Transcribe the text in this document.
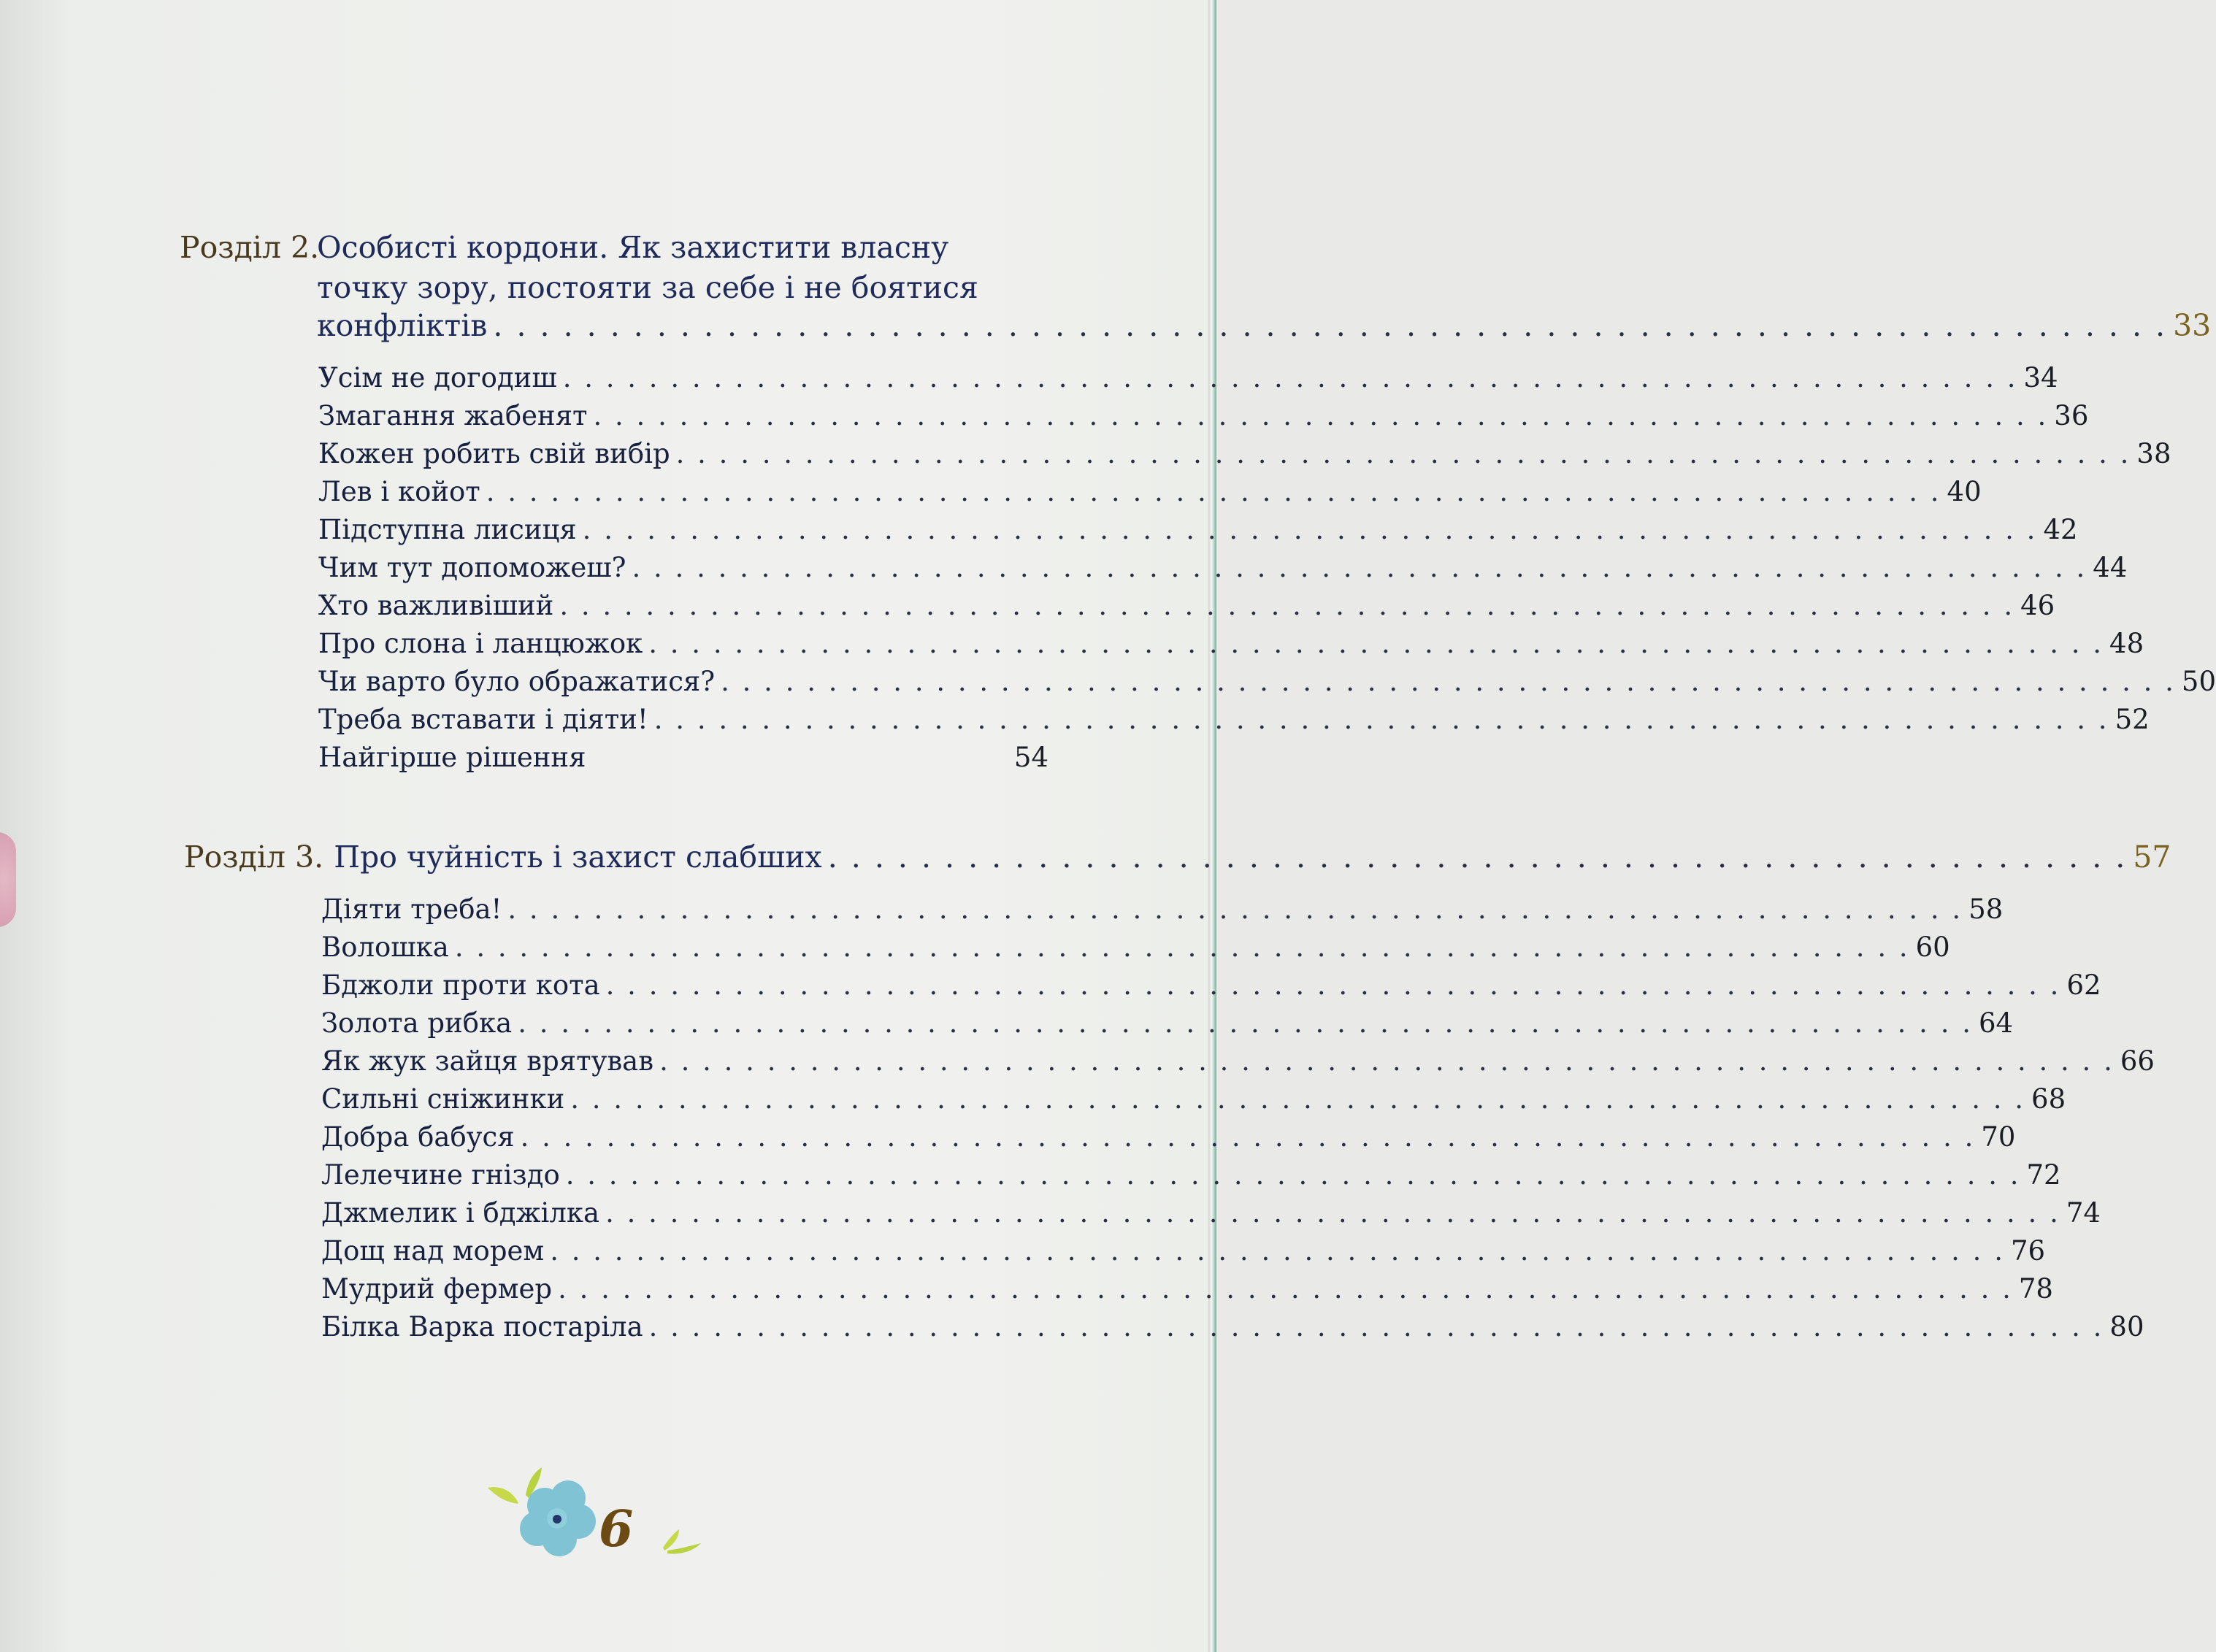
Розділ 2.
Особисті кордони. Як захистити власну
точку зору, постояти за себе і не боятися
конфліктів . . . . . . . . . . . . . . . . . . . . . . . . . . . . . . . . . . . . . . . . . . . . . . . . . . . . . . . . . . . . . . . . . . . . . . . . 33
Усім не догодиш . . . . . . . . . . . . . . . . . . . . . . . . . . . . . . . . . . . . . . . . . . . . . . . . . . . . . . . . . . . . . . . . . . . . 34
Змагання жабенят . . . . . . . . . . . . . . . . . . . . . . . . . . . . . . . . . . . . . . . . . . . . . . . . . . . . . . . . . . . . . . . . . . . . 36
Кожен робить свій вибір . . . . . . . . . . . . . . . . . . . . . . . . . . . . . . . . . . . . . . . . . . . . . . . . . . . . . . . . . . . . . . . . . . . . 38
Лев і койот . . . . . . . . . . . . . . . . . . . . . . . . . . . . . . . . . . . . . . . . . . . . . . . . . . . . . . . . . . . . . . . . . . . . 40
Підступна лисиця . . . . . . . . . . . . . . . . . . . . . . . . . . . . . . . . . . . . . . . . . . . . . . . . . . . . . . . . . . . . . . . . . . . . 42
Чим тут допоможеш? . . . . . . . . . . . . . . . . . . . . . . . . . . . . . . . . . . . . . . . . . . . . . . . . . . . . . . . . . . . . . . . . . . . . 44
Хто важливіший . . . . . . . . . . . . . . . . . . . . . . . . . . . . . . . . . . . . . . . . . . . . . . . . . . . . . . . . . . . . . . . . . . . . 46
Про слона і ланцюжок . . . . . . . . . . . . . . . . . . . . . . . . . . . . . . . . . . . . . . . . . . . . . . . . . . . . . . . . . . . . . . . . . . . . 48
Чи варто було ображатися? . . . . . . . . . . . . . . . . . . . . . . . . . . . . . . . . . . . . . . . . . . . . . . . . . . . . . . . . . . . . . . . . . . . . 50
Треба вставати і діяти! . . . . . . . . . . . . . . . . . . . . . . . . . . . . . . . . . . . . . . . . . . . . . . . . . . . . . . . . . . . . . . . . . . . . 52
Найгірше рішення
	54
Розділ 3. Про чуйність і захист слабших . . . . . . . . . . . . . . . . . . . . . . . . . . . . . . . . . . . . . . . . . . . . . . . . . . . . . . . . 57
Діяти треба! . . . . . . . . . . . . . . . . . . . . . . . . . . . . . . . . . . . . . . . . . . . . . . . . . . . . . . . . . . . . . . . . . . . . 58
Волошка . . . . . . . . . . . . . . . . . . . . . . . . . . . . . . . . . . . . . . . . . . . . . . . . . . . . . . . . . . . . . . . . . . . . 60
Бджоли проти кота . . . . . . . . . . . . . . . . . . . . . . . . . . . . . . . . . . . . . . . . . . . . . . . . . . . . . . . . . . . . . . . . . . . . 62
Золота рибка . . . . . . . . . . . . . . . . . . . . . . . . . . . . . . . . . . . . . . . . . . . . . . . . . . . . . . . . . . . . . . . . . . . . 64
Як жук зайця врятував . . . . . . . . . . . . . . . . . . . . . . . . . . . . . . . . . . . . . . . . . . . . . . . . . . . . . . . . . . . . . . . . . . . . 66
Сильні сніжинки . . . . . . . . . . . . . . . . . . . . . . . . . . . . . . . . . . . . . . . . . . . . . . . . . . . . . . . . . . . . . . . . . . . . 68
Добра бабуся . . . . . . . . . . . . . . . . . . . . . . . . . . . . . . . . . . . . . . . . . . . . . . . . . . . . . . . . . . . . . . . . . . . . 70
Лелечине гніздо . . . . . . . . . . . . . . . . . . . . . . . . . . . . . . . . . . . . . . . . . . . . . . . . . . . . . . . . . . . . . . . . . . . . 72
Джмелик і бджілка . . . . . . . . . . . . . . . . . . . . . . . . . . . . . . . . . . . . . . . . . . . . . . . . . . . . . . . . . . . . . . . . . . . . 74
Дощ над морем . . . . . . . . . . . . . . . . . . . . . . . . . . . . . . . . . . . . . . . . . . . . . . . . . . . . . . . . . . . . . . . . . . . . 76
Мудрий фермер . . . . . . . . . . . . . . . . . . . . . . . . . . . . . . . . . . . . . . . . . . . . . . . . . . . . . . . . . . . . . . . . . . . . 78
Білка Варка постаріла . . . . . . . . . . . . . . . . . . . . . . . . . . . . . . . . . . . . . . . . . . . . . . . . . . . . . . . . . . . . . . . . . . . . 80
6
